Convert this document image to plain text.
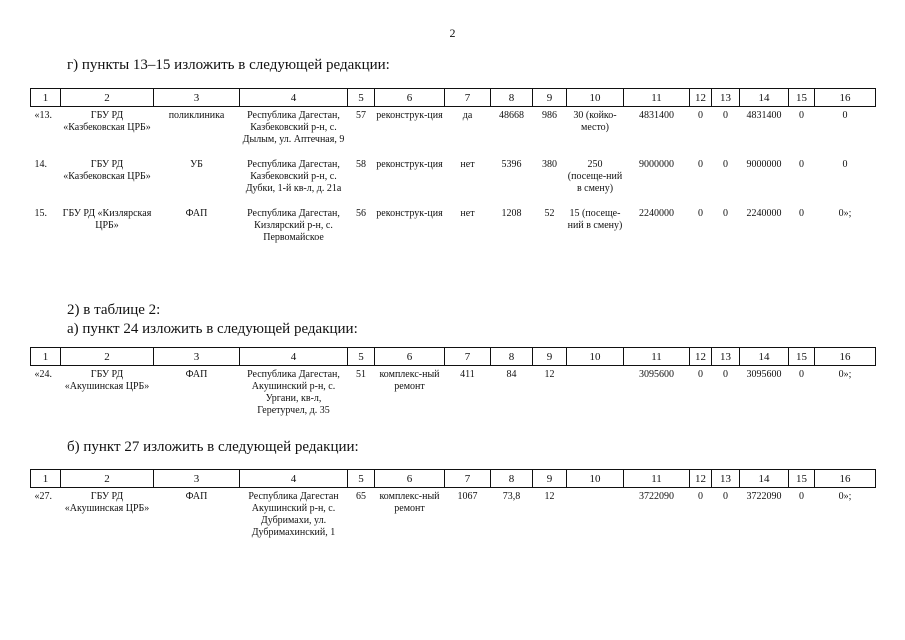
2
г) пункты 13–15 изложить в следующей редакции:
1	2	3	4	5	6	7	8	9	10	11	12	13	14	15	16
«13.	ГБУ РД «Казбековская ЦРБ»	поликлиника	Республика Дагестан, Казбековский р-н, с. Дылым, ул. Аптечная, 9	57	реконструк-ция	да	48668	986	30 (койко-место)	4831400	0	0	4831400	0	0
14.	ГБУ РД «Казбековская ЦРБ»	УБ	Республика Дагестан, Казбековский р-н, с. Дубки, 1-й кв-л, д. 21а	58	реконструк-ция	нет	5396	380	250 (посеще-ний в смену)	9000000	0	0	9000000	0	0
15.	ГБУ РД «Кизлярская ЦРБ»	ФАП	Республика Дагестан, Кизлярский р-н, с. Первомайское	56	реконструк-ция	нет	1208	52	15 (посеще-ний в смену)	2240000	0	0	2240000	0	0»;
2) в таблице 2:
а) пункт 24 изложить в следующей редакции:
1	2	3	4	5	6	7	8	9	10	11	12	13	14	15	16
«24.	ГБУ РД «Акушинская ЦРБ»	ФАП	Республика Дагестан, Акушинский р-н, с. Ургани, кв-л, Геретурчел, д. 35	51	комплекс-ный ремонт	411	84	12		3095600	0	0	3095600	0	0»;
б) пункт 27 изложить в следующей редакции:
1	2	3	4	5	6	7	8	9	10	11	12	13	14	15	16
«27.	ГБУ РД «Акушинская ЦРБ»	ФАП	Республика Дагестан Акушинский р-н, с. Дубримахи, ул. Дубримахинский, 1	65	комплекс-ный ремонт	1067	73,8	12		3722090	0	0	3722090	0	0»;
